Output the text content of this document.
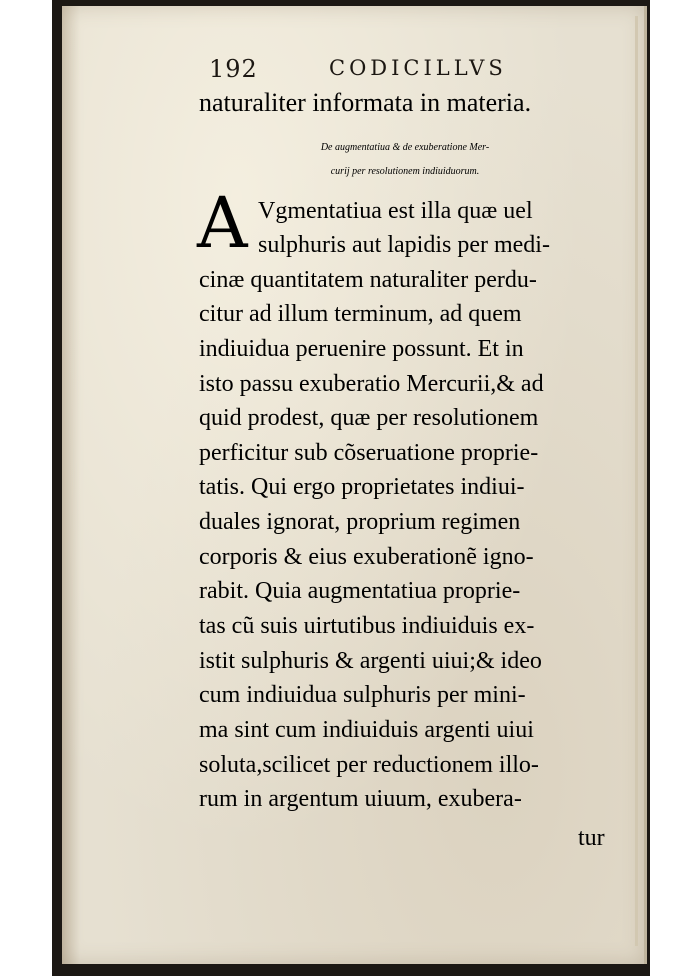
192	CODICILLVS
naturaliter informata in materia.
De augmentatiua & de exuberatione Mer-
curij per resolutionem indiuiduorum.
A Vgmentatiua est illa quæ uel
sulphuris aut lapidis per medi-
cinæ quantitatem naturaliter perdu-
citur ad illum terminum, ad quem
indiuidua peruenire possunt. Et in
isto passu exuberatio Mercurii,& ad
quid prodest, quæ per resolutionem
perficitur sub cõseruatione proprie-
tatis. Qui ergo proprietates indiui-
duales ignorat, proprium regimen
corporis & eius exuberationẽ igno-
rabit. Quia augmentatiua proprie-
tas cũ suis uirtutibus indiuiduis ex-
istit sulphuris & argenti uiui;& ideo
cum indiuidua sulphuris per mini-
ma sint cum indiuiduis argenti uiui
soluta,scilicet per reductionem illo-
rum in argentum uiuum, exubera-
tur
